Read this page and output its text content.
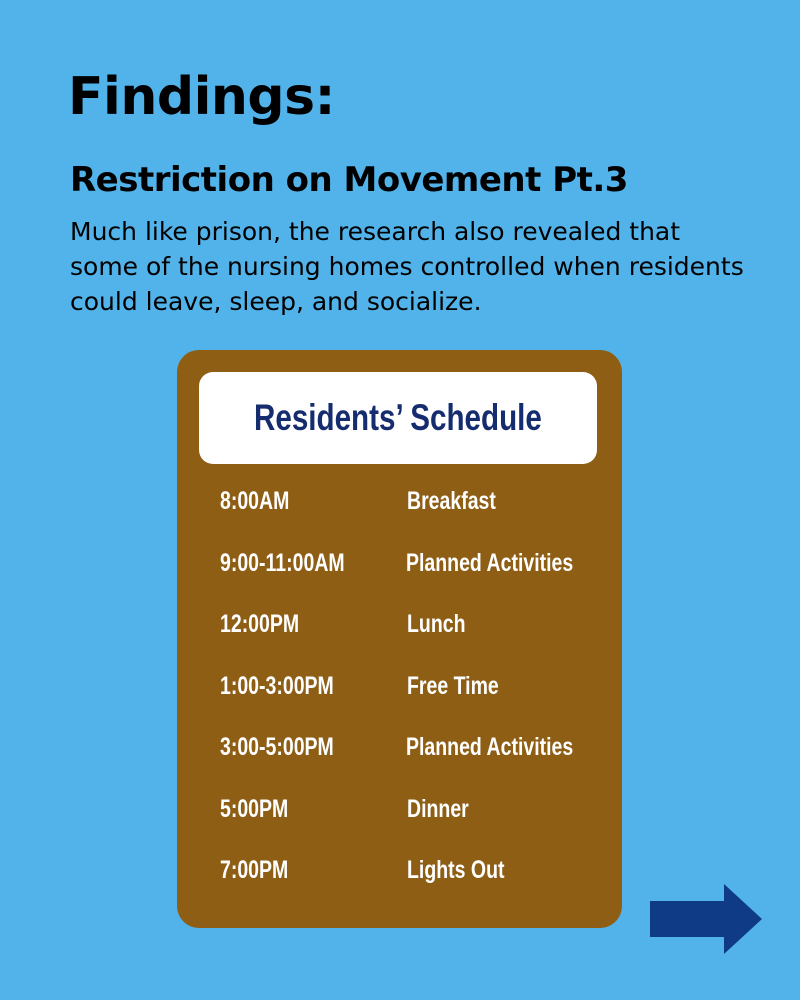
Findings:
Restriction on Movement Pt.3
Much like prison, the research also revealed that some of the nursing homes controlled when residents could leave, sleep, and socialize.
Residents’ Schedule
8:00AM	Breakfast
9:00-11:00AM	Planned Activities
12:00PM	Lunch
1:00-3:00PM	Free Time
3:00-5:00PM	Planned Activities
5:00PM	Dinner
7:00PM	Lights Out
